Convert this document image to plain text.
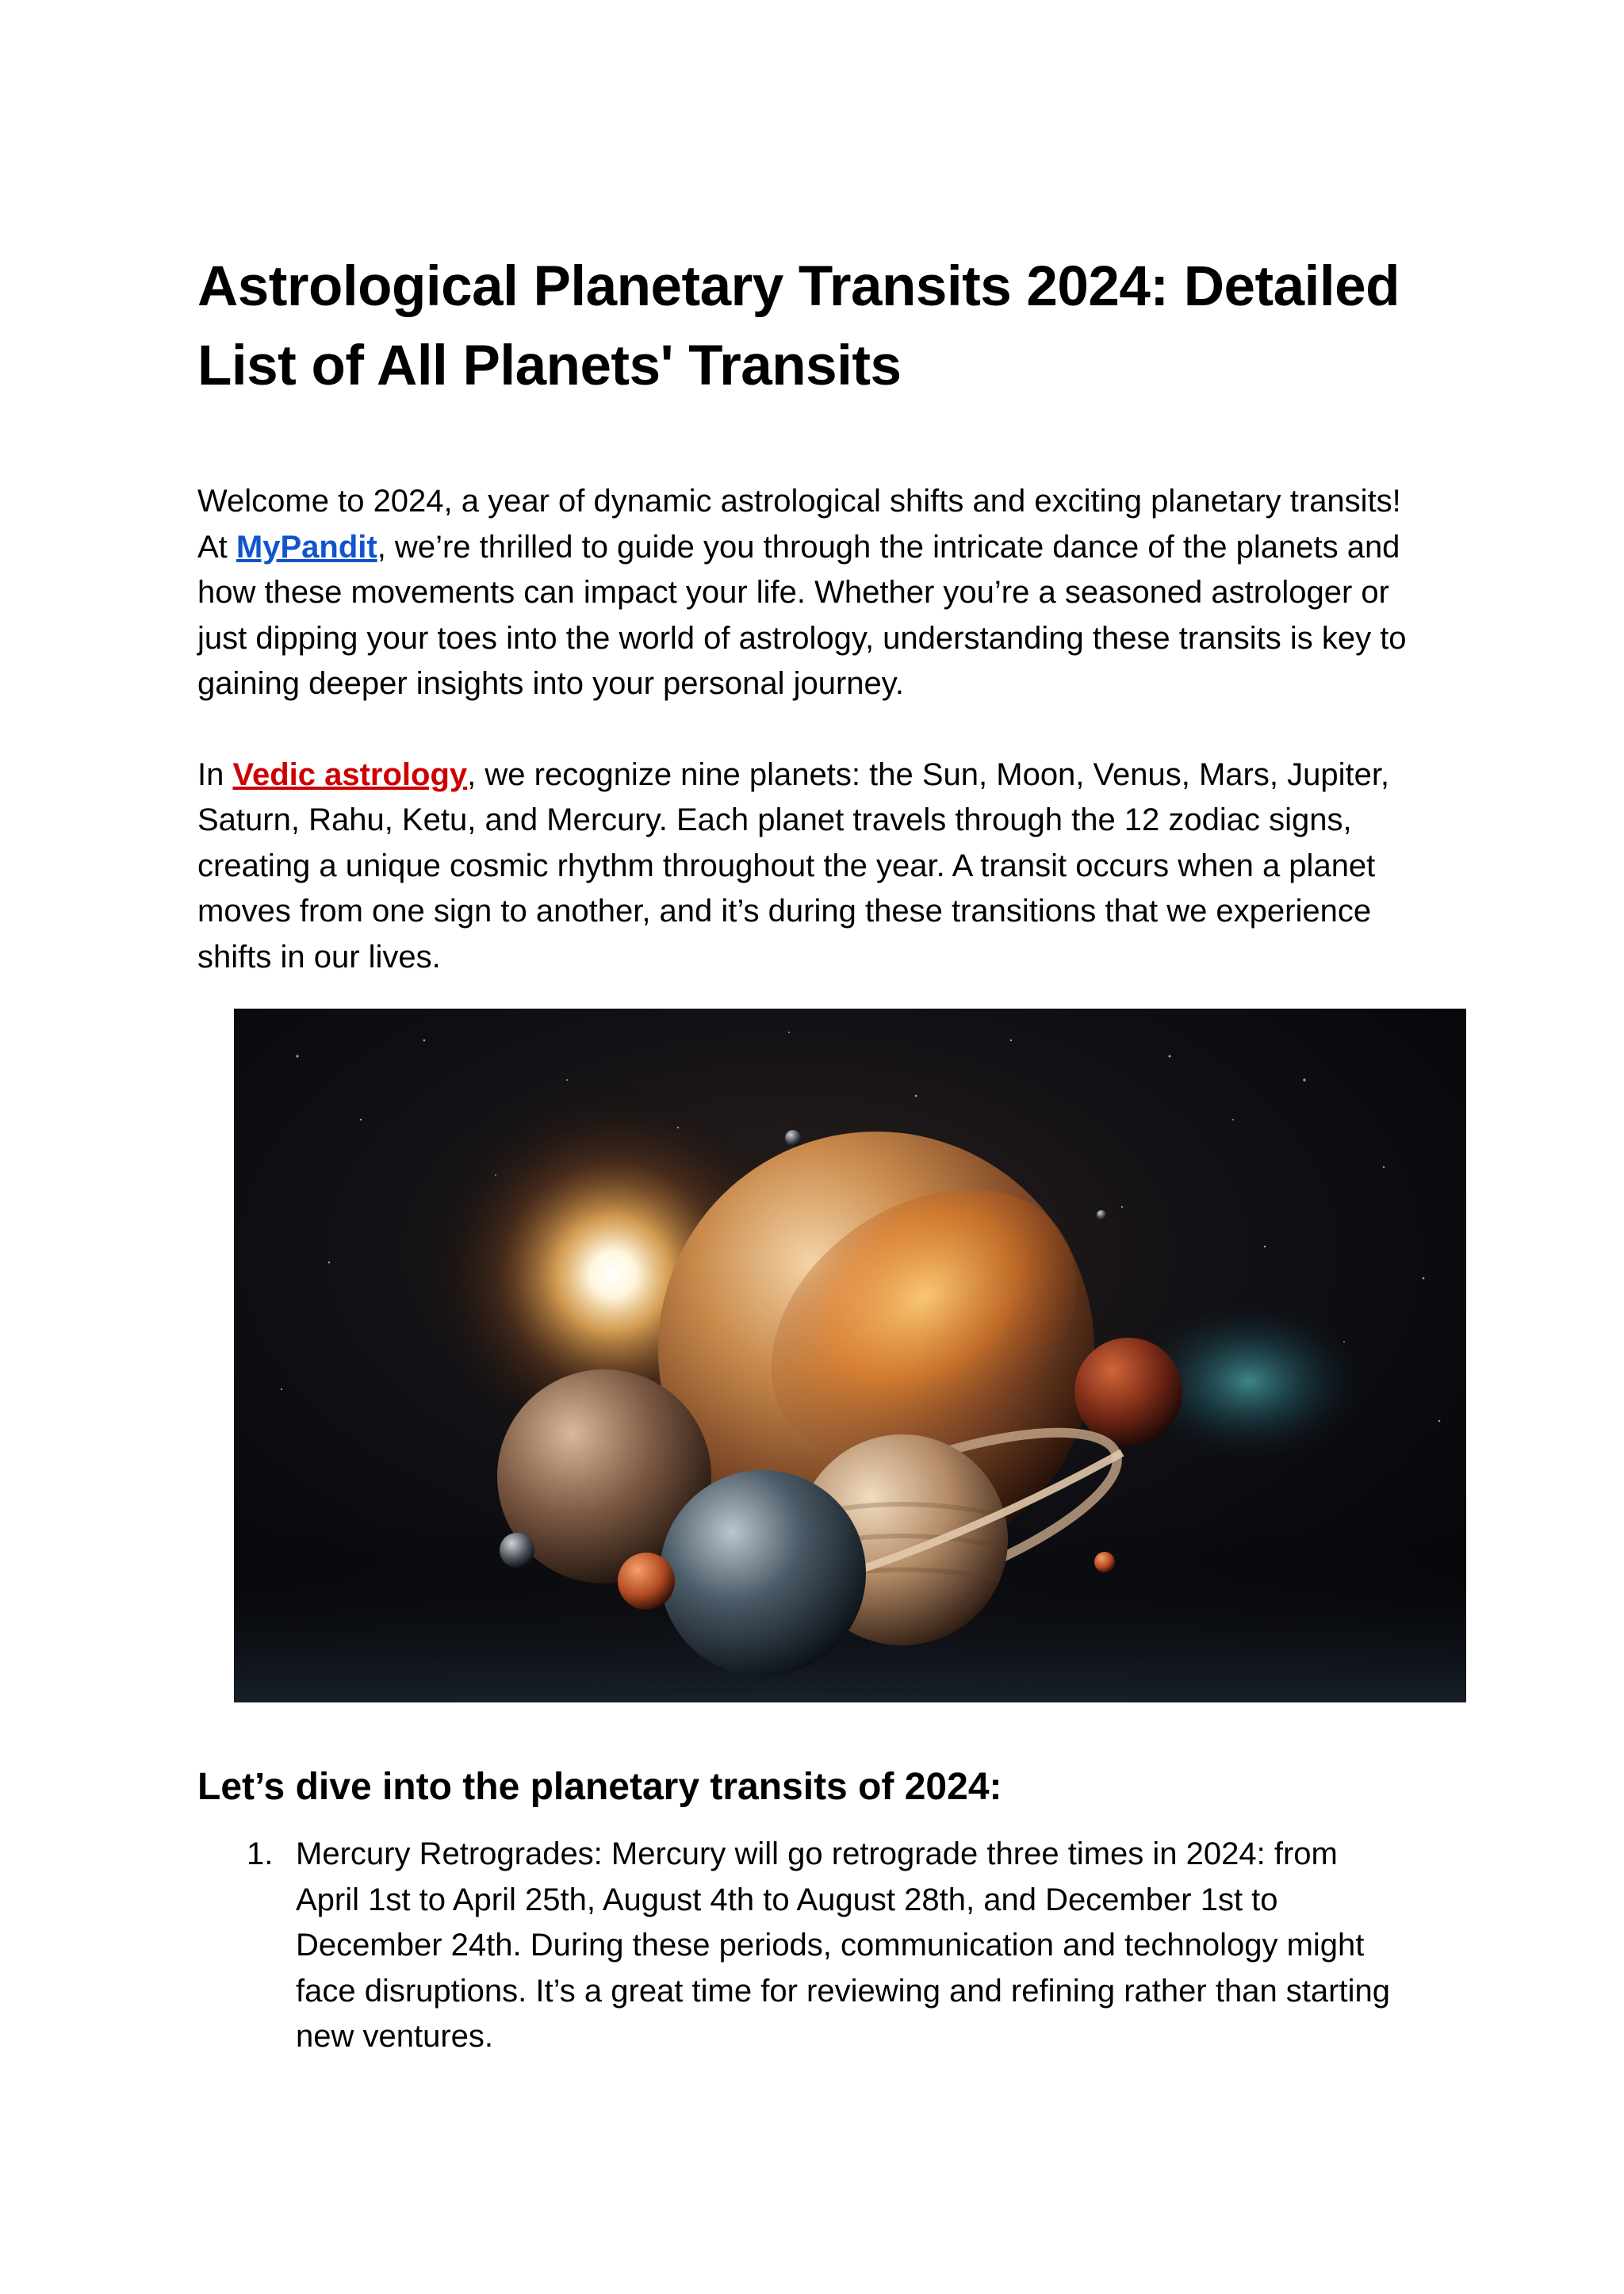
Astrological Planetary Transits 2024: Detailed List of All Planets' Transits

Welcome to 2024, a year of dynamic astrological shifts and exciting planetary transits! At MyPandit, we’re thrilled to guide you through the intricate dance of the planets and how these movements can impact your life. Whether you’re a seasoned astrologer or just dipping your toes into the world of astrology, understanding these transits is key to gaining deeper insights into your personal journey.

In Vedic astrology, we recognize nine planets: the Sun, Moon, Venus, Mars, Jupiter, Saturn, Rahu, Ketu, and Mercury. Each planet travels through the 12 zodiac signs, creating a unique cosmic rhythm throughout the year. A transit occurs when a planet moves from one sign to another, and it’s during these transitions that we experience shifts in our lives.

Let’s dive into the planetary transits of 2024:
1. Mercury Retrogrades: Mercury will go retrograde three times in 2024: from April 1st to April 25th, August 4th to August 28th, and December 1st to December 24th. During these periods, communication and technology might face disruptions. It’s a great time for reviewing and refining rather than starting new ventures.
